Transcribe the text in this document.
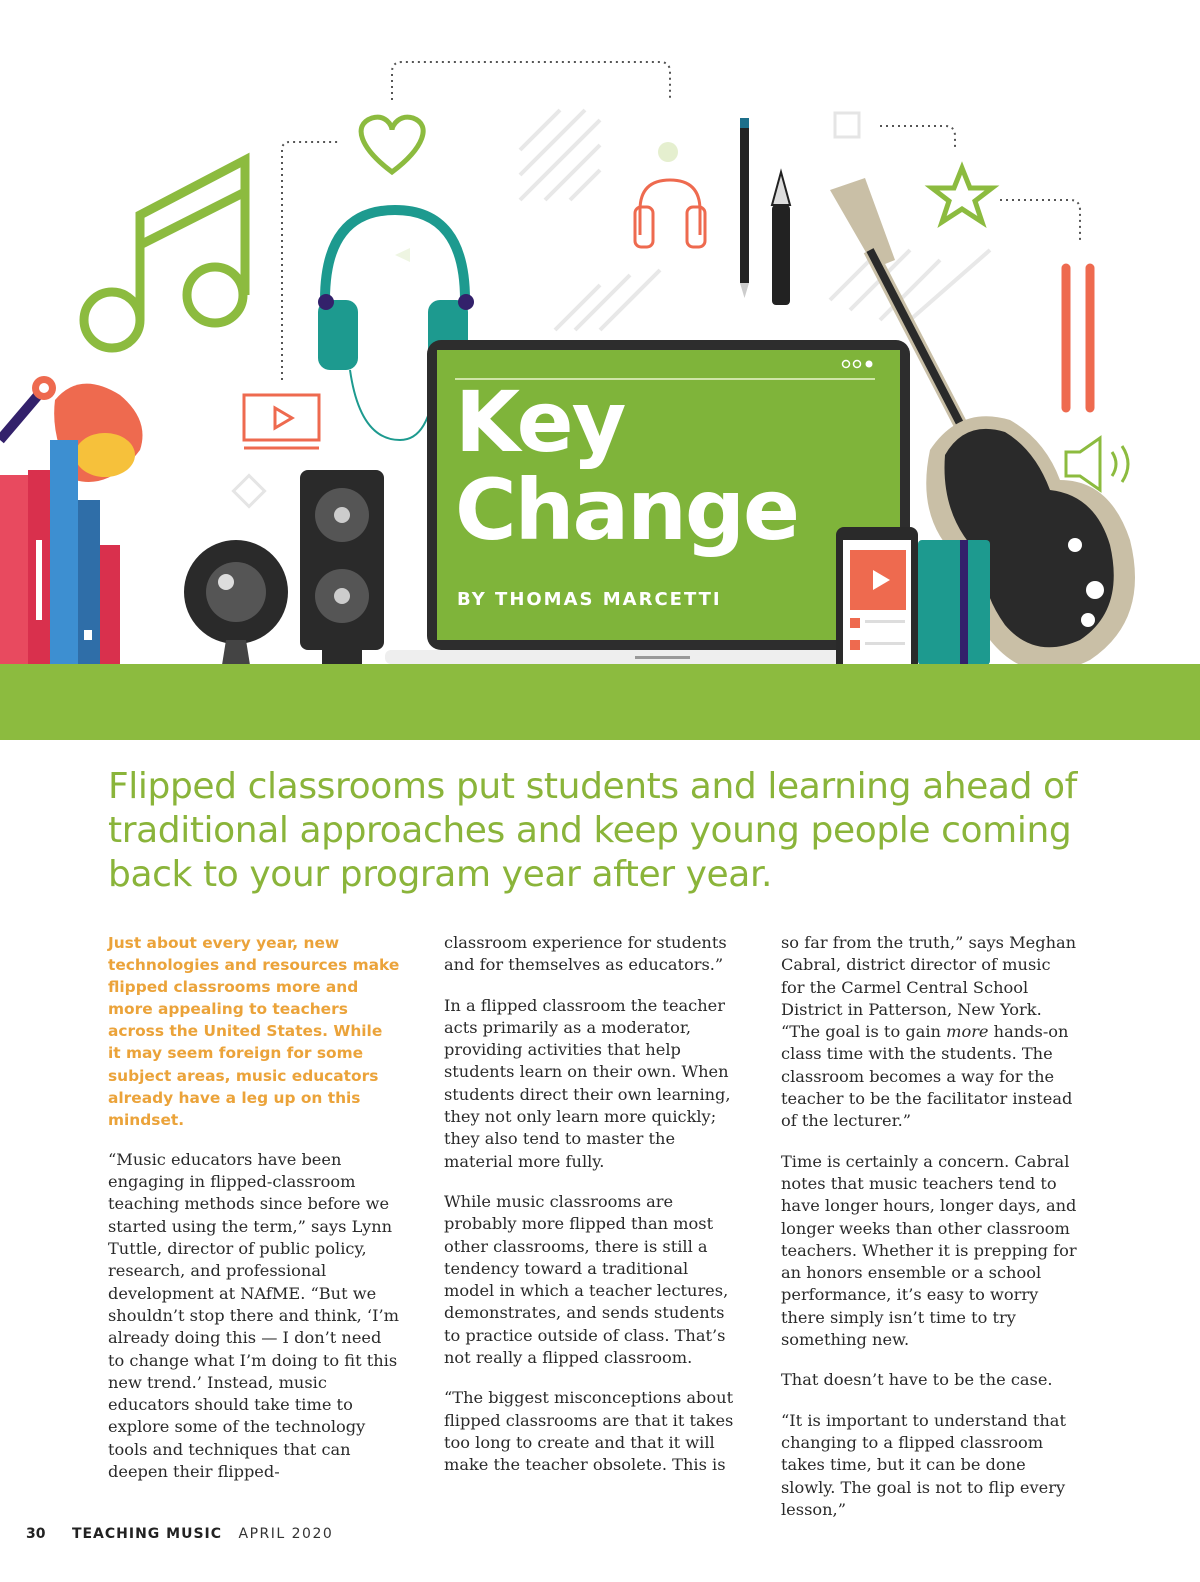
Key
Change
BY THOMAS MARCETTI
Flipped classrooms put students and learning ahead of traditional approaches and keep young people coming back to your program year after year.

Just about every year, new technologies and resources make flipped classrooms more and more appealing to teachers across the United States. While it may seem foreign for some subject areas, music educators already have a leg up on this mindset.

“Music educators have been engaging in flipped-classroom teaching methods since before we started using the term,” says Lynn Tuttle, director of public policy, research, and professional development at NAfME. “But we shouldn’t stop there and think, ‘I’m already doing this — I don’t need to change what I’m doing to fit this new trend.’ Instead, music educators should take time to explore some of the technology tools and techniques that can deepen their flipped-

classroom experience for students and for themselves as educators.”

In a flipped classroom the teacher acts primarily as a moderator, providing activities that help students learn on their own. When students direct their own learning, they not only learn more quickly; they also tend to master the material more fully.

While music classrooms are probably more flipped than most other classrooms, there is still a tendency toward a traditional model in which a teacher lectures, demonstrates, and sends students to practice outside of class. That’s not really a flipped classroom.

“The biggest misconceptions about flipped classrooms are that it takes too long to create and that it will make the teacher obsolete. This is

so far from the truth,” says Meghan Cabral, district director of music for the Carmel Central School District in Patterson, New York. “The goal is to gain more hands-on class time with the students. The classroom becomes a way for the teacher to be the facilitator instead of the lecturer.”

Time is certainly a concern. Cabral notes that music teachers tend to have longer hours, longer days, and longer weeks than other classroom teachers. Whether it is prepping for an honors ensemble or a school performance, it’s easy to worry there simply isn’t time to try something new.

That doesn’t have to be the case.

“It is important to understand that changing to a flipped classroom takes time, but it can be done slowly. The goal is not to flip every lesson,”

30 TEACHING MUSIC APRIL 2020
